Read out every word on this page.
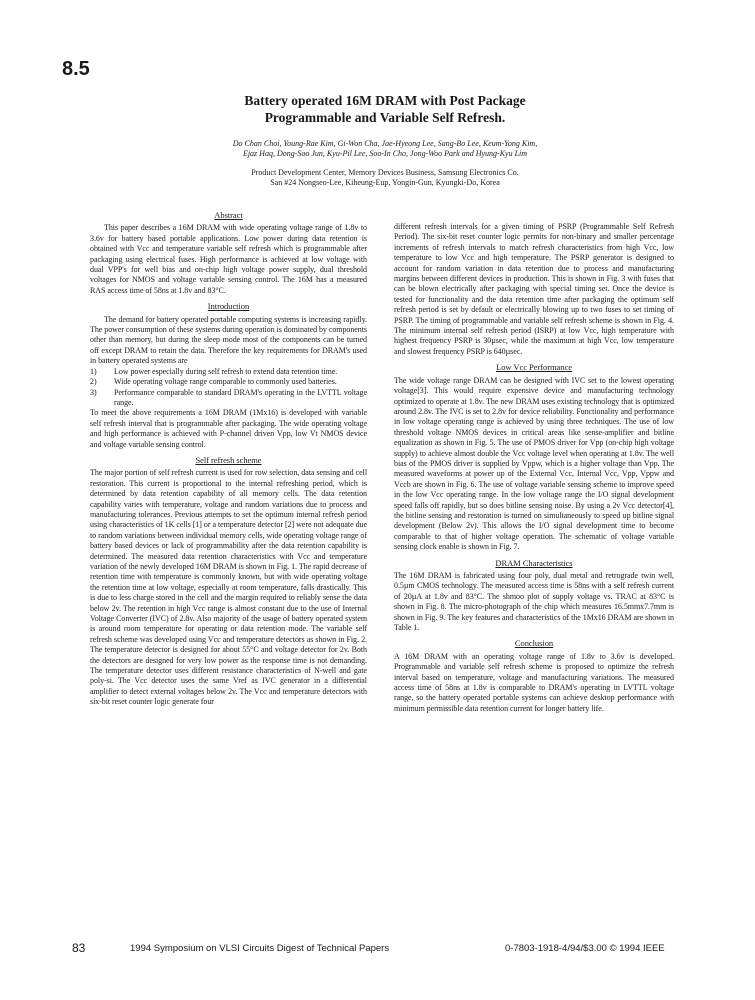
8.5
Battery operated 16M DRAM with Post Package
Programmable and Variable Self Refresh.
Do Chan Choi, Young-Rae Kim, Gi-Won Cha, Jae-Hyeong Lee, Sang-Bo Lee, Keum-Yong Kim,
Ejaz Haq, Dong-Soo Jun, Kyu-Pil Lee, Soo-In Cho, Jong-Woo Park and Hyung-Kyu Lim
Product Development Center, Memory Devices Business, Samsung Electronics Co.
San #24 Nongseo-Lee, Kiheung-Eup, Yongin-Gun, Kyungki-Do, Korea
Abstract

This paper describes a 16M DRAM with wide operating voltage range of 1.8v to 3.6v for battery based portable applications. Low power during data retention is obtained with Vcc and temperature variable self refresh which is programmable after packaging using electrical fuses. High performance is achieved at low voltage with dual VPP's for well bias and on-chip high voltage power supply, dual threshold voltages for NMOS and voltage variable sensing control. The 16M has a measured RAS access time of 58ns at 1.8v and 83°C.

Introduction

The demand for battery operated portable computing systems is increasing rapidly. The power consumption of these systems during operation is dominated by components other than memory, but during the sleep mode most of the components can be turned off except DRAM to retain the data. Therefore the key requirements for DRAM's used in battery operated systems are

1)	Low power especially during self refresh to extend data retention time.
2)	Wide operating voltage range comparable to commonly used batteries.
3)	Performance comparable to standard DRAM's operating in the LVTTL voltage range.

To meet the above requirements a 16M DRAM (1Mx16) is developed with variable self refresh interval that is programmable after packaging. The wide operating voltage and high performance is achieved with P-channel driven Vpp, low Vt NMOS device and voltage variable sensing control.

Self refresh scheme

The major portion of self refresh current is used for row selection, data sensing and cell restoration. This current is proportional to the internal refreshing period, which is determined by data retention capability of all memory cells. The data retention capability varies with temperature, voltage and random variations due to process and manufacturing tolerances. Previous attempts to set the optimum internal refresh period using characteristics of 1K cells [1] or a temperature detector [2] were not adequate due to random variations between individual memory cells, wide operating voltage range of battery based devices or lack of programmability after the data retention capability is determined. The measured data retention characteristics with Vcc and temperature variation of the newly developed 16M DRAM is shown in Fig. 1. The rapid decrease of retention time with temperature is commonly known, but with wide operating voltage the retention time at low voltage, especially at room temperature, falls drastically. This is due to less charge stored in the cell and the margin required to reliably sense the data below 2v. The retention in high Vcc range is almost constant due to the use of Internal Voltage Converter (IVC) of 2.8v. Also majority of the usage of battery operated system is around room temperature for operating or data retention mode. The variable self refresh scheme was developed using Vcc and temperature detectors as shown in Fig. 2. The temperature detector is designed for about 55°C and voltage detector for 2v. Both the detectors are designed for very low power as the response time is not demanding. The temperature detector uses different resistance characteristics of N-well and gate poly-si. The Vcc detector uses the same Vref as IVC generator in a differential amplifier to detect external voltages below 2v. The Vcc and temperature detectors with six-bit reset counter logic generate four

different refresh intervals for a given timing of PSRP (Programmable Self Refresh Period). The six-bit reset counter logic permits for non-binary and smaller percentage increments of refresh intervals to match refresh characteristics from high Vcc, low temperature to low Vcc and high temperature. The PSRP generator is designed to account for random variation in data retention due to process and manufacturing margins between different devices in production. This is shown in Fig. 3 with fuses that can be blown electrically after packaging with special timing set. Once the device is tested for functionality and the data retention time after packaging the optimum self refresh period is set by default or electrically blowing up to two fuses to set timing of PSRP. The timing of programmable and variable self refresh scheme is shown in Fig. 4. The minimum internal self refresh period (ISRP) at low Vcc, high temperature with highest frequency PSRP is 30µsec, while the maximum at high Vcc, low temperature and slowest frequency PSRP is 640µsec.

Low Vcc Performance

The wide voltage range DRAM can be designed with IVC set to the lowest operating voltage[3]. This would require expensive device and manufacturing technology optimized to operate at 1.8v. The new DRAM uses existing technology that is optimized around 2.8v. The IVC is set to 2.8v for device reliability. Functionality and performance in low voltage operating range is achieved by using three techniques. The use of low threshold voltage NMOS devices in critical areas like sense-amplifier and bitline equalization as shown in Fig. 5. The use of PMOS driver for Vpp (on-chip high voltage supply) to achieve almost double the Vcc voltage level when operating at 1.8v. The well bias of the PMOS driver is supplied by Vppw, which is a higher voltage than Vpp. The measured waveforms at power up of the External Vcc, Internal Vcc, Vpp, Vppw and Vccb are shown in Fig. 6. The use of voltage variable sensing scheme to improve speed in the low Vcc operating range. In the low voltage range the I/O signal development speed falls off rapidly, but so does bitline sensing noise. By using a 2v Vcc detector[4], the bitline sensing and restoration is turned on simultaneously to speed up bitline signal development (Below 2v). This allows the I/O signal development time to become comparable to that of higher voltage operation. The schematic of voltage variable sensing clock enable is shown in Fig. 7.

DRAM Characteristics

The 16M DRAM is fabricated using four poly, dual metal and retrograde twin well, 0.5µm CMOS technology. The measured access time is 58ns with a self refresh current of 20µA at 1.8v and 83°C. The shmoo plot of supply voltage vs. TRAC at 83°C is shown in Fig. 8. The micro-photograph of the chip which measures 16.5mmx7.7mm is shown in Fig. 9. The key features and characteristics of the 1Mx16 DRAM are shown in Table 1.

Conclusion

A 16M DRAM with an operating voltage range of 1.8v to 3.6v is developed. Programmable and variable self refresh scheme is proposed to optimize the refresh interval based on temperature, voltage and manufacturing variations. The measured access time of 58ns at 1.8v is comparable to DRAM's operating in LVTTL voltage range, so the battery operated portable systems can achieve desktop performance with minimum permissible data retention current for longer battery life.

83	1994 Symposium on VLSI Circuits Digest of Technical Papers	0-7803-1918-4/94/$3.00 © 1994 IEEE
